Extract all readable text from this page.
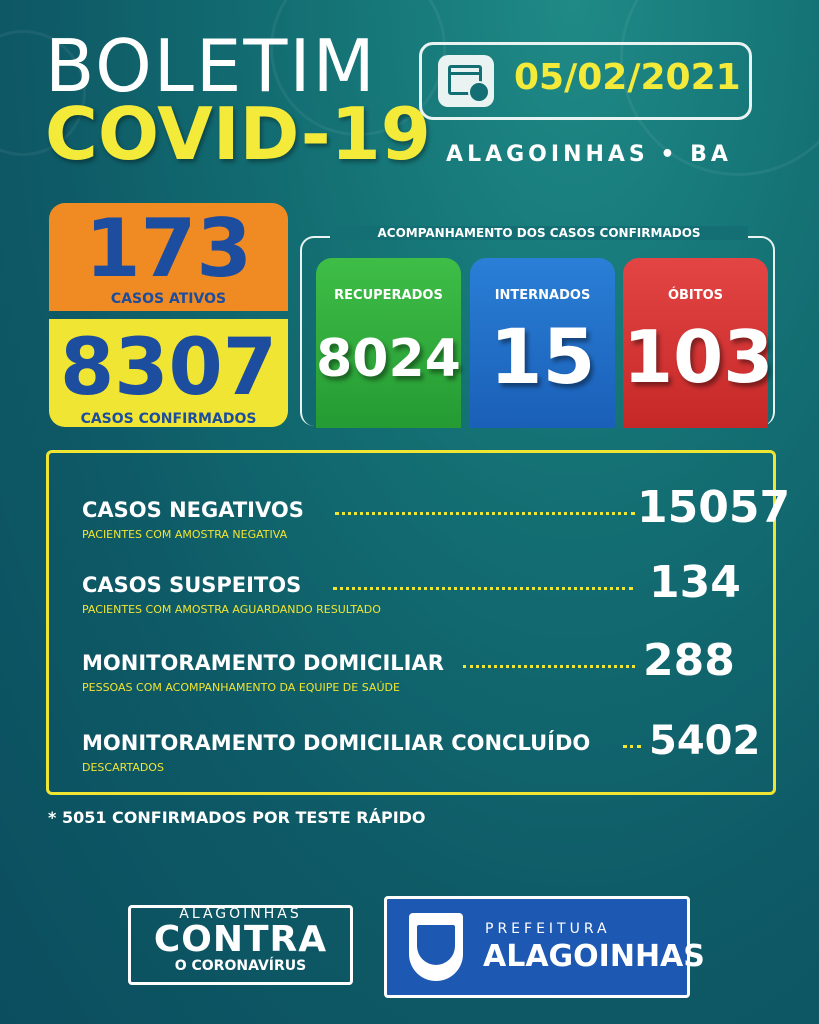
BOLETIM
COVID-19
05/02/2021
ALAGOINHAS • BA
173
CASOS ATIVOS
8307
CASOS CONFIRMADOS
ACOMPANHAMENTO DOS CASOS CONFIRMADOS
RECUPERADOS
8024
INTERNADOS
15
ÓBITOS
103
CASOS NEGATIVOS	15057
PACIENTES COM AMOSTRA NEGATIVA
CASOS SUSPEITOS	134
PACIENTES COM AMOSTRA AGUARDANDO RESULTADO
MONITORAMENTO DOMICILIAR	288
PESSOAS COM ACOMPANHAMENTO DA EQUIPE DE SAÚDE
MONITORAMENTO DOMICILIAR CONCLUÍDO 5402
DESCARTADOS
* 5051 CONFIRMADOS POR TESTE RÁPIDO
ALAGOINHAS
CONTRA
O CORONAVÍRUS
PREFEITURA
ALAGOINHAS
